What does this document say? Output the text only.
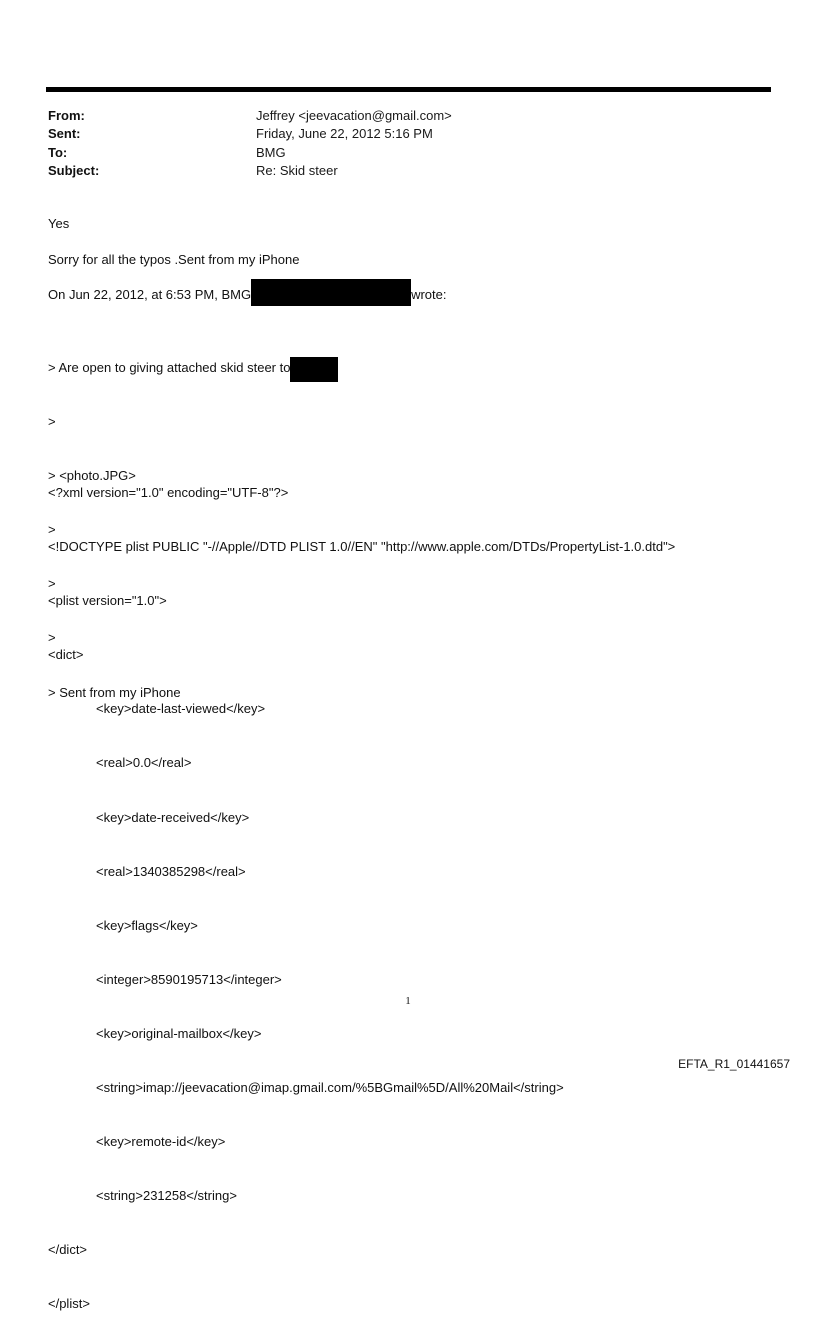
From:	Jeffrey <jeevacation@gmail.com>
Sent:	Friday, June 22, 2012 5:16 PM
To:	BMG
Subject:	Re: Skid steer
Yes
Sorry for all the typos .Sent from my iPhone
On Jun 22, 2012, at 6:53 PM, BMG	wrote:

> Are open to giving attached skid steer to

>

> <photo.JPG>

>

>

>

> Sent from my iPhone

<?xml version="1.0" encoding="UTF-8"?>

<!DOCTYPE plist PUBLIC "-//Apple//DTD PLIST 1.0//EN" "http://www.apple.com/DTDs/PropertyList-1.0.dtd">

<plist version="1.0">

<dict>

<key>date-last-viewed</key>

<real>0.0</real>

<key>date-received</key>

<real>1340385298</real>

<key>flags</key>

<integer>8590195713</integer>

<key>original-mailbox</key>

<string>imap://jeevacation@imap.gmail.com/%5BGmail%5D/All%20Mail</string>

<key>remote-id</key>

<string>231258</string>

</dict>

</plist>

1
EFTA_R1_01441657
